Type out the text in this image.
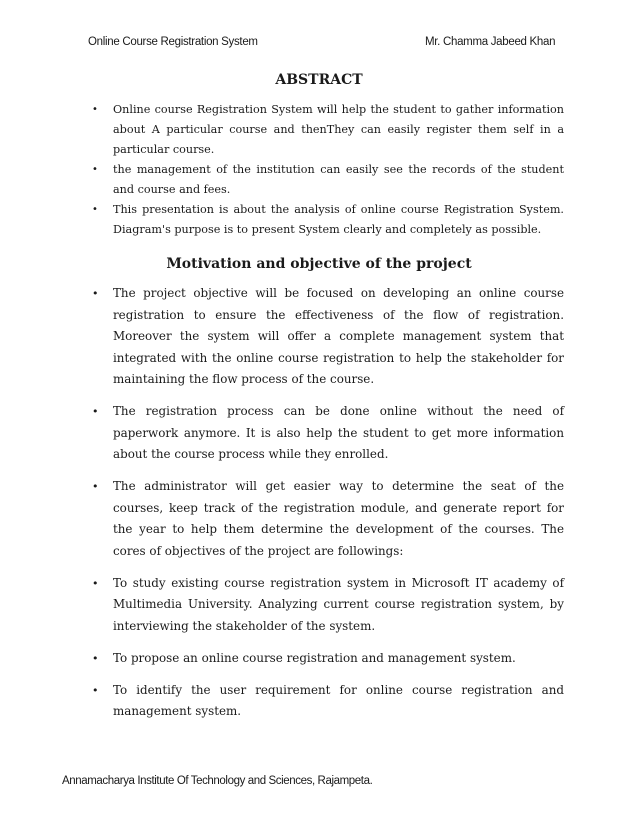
Online Course Registration System	Mr. Chamma Jabeed Khan
ABSTRACT
• Online course Registration System will help the student to gather information about A particular course and thenThey can easily register them self in a particular course.
• the management of the institution can easily see the records of the student and course and fees.
• This presentation is about the analysis of online course Registration System. Diagram's purpose is to present System clearly and completely as possible.
Motivation and objective of the project
• The project objective will be focused on developing an online course registration to ensure the effectiveness of the flow of registration. Moreover the system will offer a complete management system that integrated with the online course registration to help the stakeholder for maintaining the flow process of the course.
• The registration process can be done online without the need of paperwork anymore. It is also help the student to get more information about the course process while they enrolled.
• The administrator will get easier way to determine the seat of the courses, keep track of the registration module, and generate report for the year to help them determine the development of the courses. The cores of objectives of the project are followings:
• To study existing course registration system in Microsoft IT academy of Multimedia University. Analyzing current course registration system, by interviewing the stakeholder of the system.
• To propose an online course registration and management system.
• To identify the user requirement for online course registration and management system.
Annamacharya Institute Of Technology and Sciences, Rajampeta.
